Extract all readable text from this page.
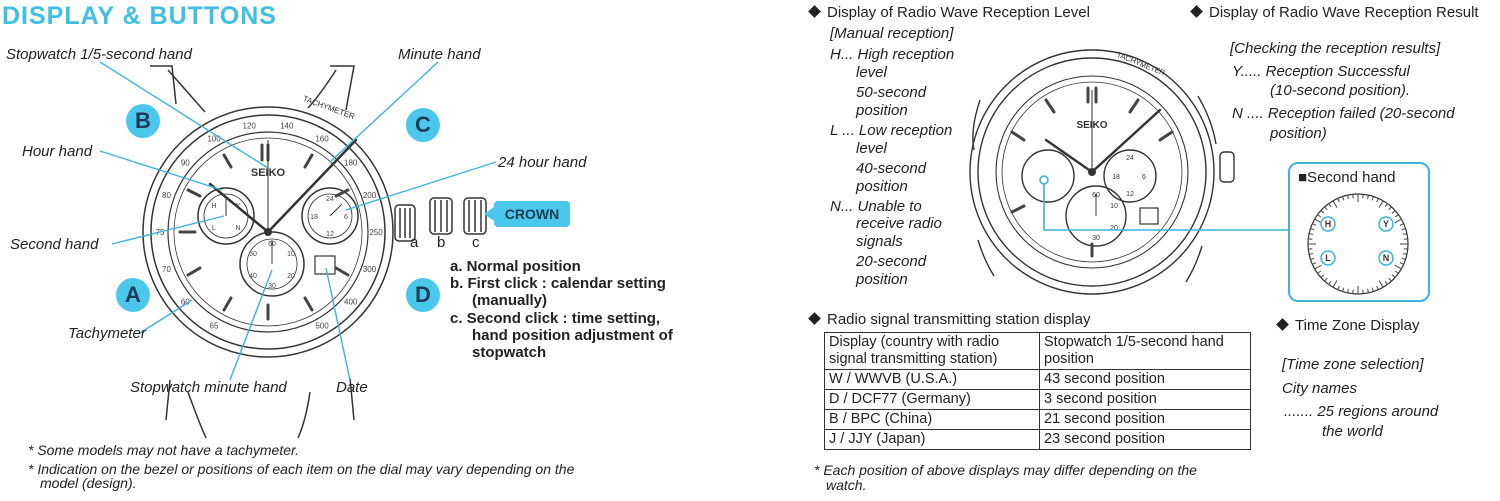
DISPLAY & BUTTONS
SEIKO
TACHYMETER
65
60
70
75
80
90
100
120	140
160
180
200
250
300
400
500
H
L	N
Y
24
18	6
12
60
10
20
30
40
50
Stopwatch 1/5-second hand	Minute hand
Hour hand
24 hour hand
Second hand
Tachymeter
Stopwatch minute hand	Date
B	C
A	D
CROWN
a b c
a. Normal position
b. First click : calendar setting
(manually)
c. Second click : time setting,
hand position adjustment of
stopwatch
* Some models may not have a tachymeter.
* Indication on the bezel or positions of each item on the dial may vary depending on the
model (design).
Display of Radio Wave Reception Level
[Manual reception]
H... High reception
level
50-second
position
L ... Low reception
level
40-second
position
N... Unable to
receive radio
signals
20-second
position
Display of Radio Wave Reception Result
[Checking the reception results]
Y..... Reception Successful
(10-second position).
N .... Reception failed (20-second
position)
SEIKO
TACHYMETER
24
18	6
12
60
10
20
30
■Second hand
H	Y
L	N
Radio signal transmitting station display
Display (country with radio
signal transmitting station)	Stopwatch 1/5-second hand
position
W / WWVB (U.S.A.)	43 second position
D / DCF77 (Germany)	3 second position
B / BPC (China)	21 second position
J / JJY (Japan)	23 second position
* Each position of above displays may differ depending on the
watch.
Time Zone Display
[Time zone selection]
City names
....... 25 regions around
the world
